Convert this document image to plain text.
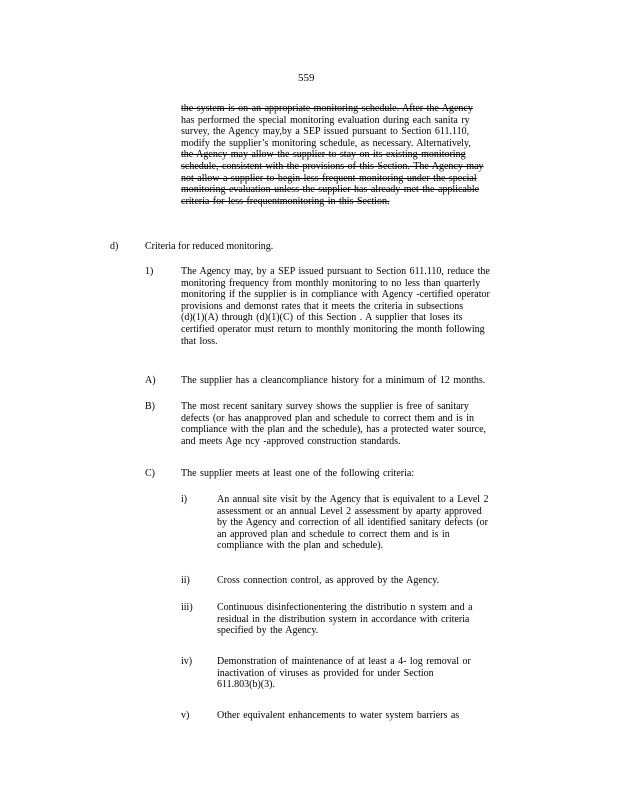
559
the system is on an appropriate monitoring schedule. After the Agency
has performed the special monitoring evaluation during each sanita ry
survey, the Agency may,by a SEP issued pursuant to Section 611.110,
modify the supplier’s monitoring schedule, as necessary. Alternatively,
the Agency may allow the supplier to stay on its existing monitoring
schedule, consistent with the provisions of this Section. The Agency may
not allow a supplier to begin less frequent monitoring under the special
monitoring evaluation unless the supplier has already met the applicable
criteria for less frequentmonitoring in this Section.
d)	Criteria for reduced monitoring.
1)	The Agency may, by a SEP issued pursuant to Section 611.110, reduce the
monitoring frequency from monthly monitoring to no less than quarterly
monitoring if the supplier is in compliance with Agency -certified operator
provisions and demonst rates that it meets the criteria in subsections
(d)(1)(A) through (d)(1)(C) of this Section . A supplier that loses its
certified operator must return to monthly monitoring the month following
that loss.
A)	The supplier has a cleancompliance history for a minimum of 12 months.
B)	The most recent sanitary survey shows the supplier is free of sanitary
defects (or has anapproved plan and schedule to correct them and is in
compliance with the plan and the schedule), has a protected water source,
and meets Age ncy -approved construction standards.
C)	The supplier meets at least one of the following criteria:
i)	An annual site visit by the Agency that is equivalent to a Level 2
assessment or an annual Level 2 assessment by aparty approved
by the Agency and correction of all identified sanitary defects (or
an approved plan and schedule to correct them and is in
compliance with the plan and schedule).
ii)	Cross connection control, as approved by the Agency.
iii) Continuous disinfectionentering the distributio n system and a
residual in the distribution system in accordance with criteria
specified by the Agency.
iv) Demonstration of maintenance of at least a 4- log removal or
inactivation of viruses as provided for under Section
611.803(b)(3).
v)	Other equivalent enhancements to water system barriers as
